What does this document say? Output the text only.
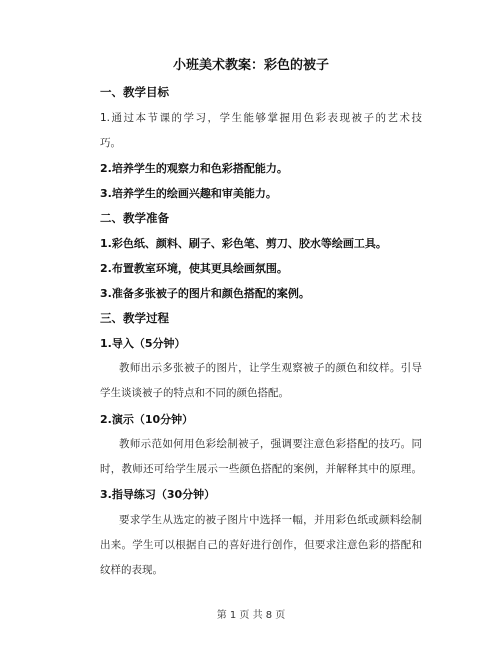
小班美术教案：彩色的被子
一、教学目标
1.通过本节课的学习，学生能够掌握用色彩表现被子的艺术技
巧。
2.培养学生的观察力和色彩搭配能力。
3.培养学生的绘画兴趣和审美能力。
二、教学准备
1.彩色纸、颜料、刷子、彩色笔、剪刀、胶水等绘画工具。
2.布置教室环境，使其更具绘画氛围。
3.准备多张被子的图片和颜色搭配的案例。
三、教学过程
1.导入（5分钟）
教师出示多张被子的图片，让学生观察被子的颜色和纹样。引导
学生谈谈被子的特点和不同的颜色搭配。
2.演示（10分钟）
教师示范如何用色彩绘制被子，强调要注意色彩搭配的技巧。同
时，教师还可给学生展示一些颜色搭配的案例，并解释其中的原理。
3.指导练习（30分钟）
要求学生从选定的被子图片中选择一幅，并用彩色纸或颜料绘制
出来。学生可以根据自己的喜好进行创作，但要求注意色彩的搭配和
纹样的表现。
第 1 页 共 8 页
